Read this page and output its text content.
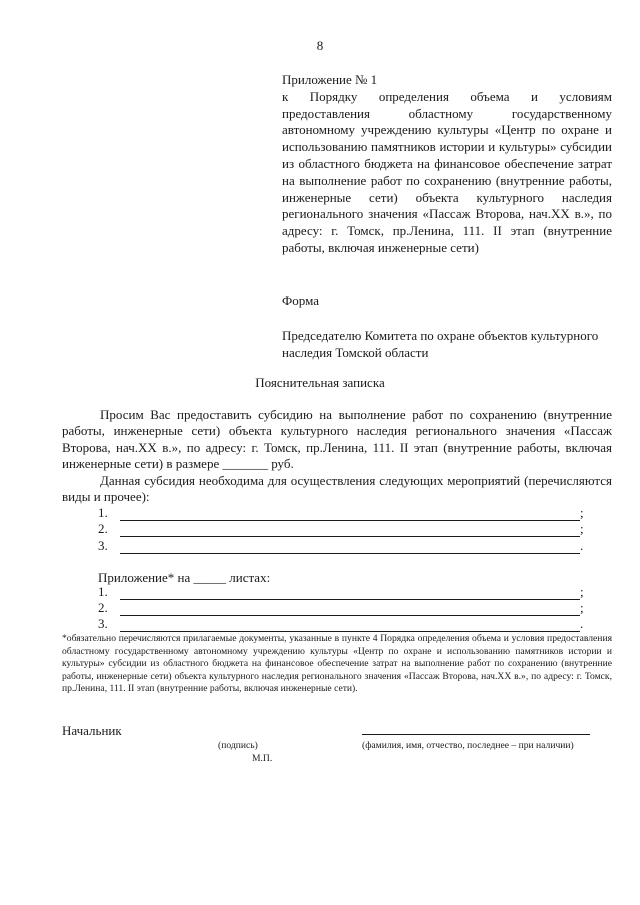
8
Приложение № 1
к Порядку определения объема и условиям предоставления областному государственному автономному учреждению культуры «Центр по охране и использованию памятников истории и культуры» субсидии из областного бюджета на финансовое обеспечение затрат на выполнение работ по сохранению (внутренние работы, инженерные сети) объекта культурного наследия регионального значения «Пассаж Второва, нач.XX в.», по адресу: г. Томск, пр.Ленина, 111. II этап (внутренние работы, включая инженерные сети)
Форма
Председателю Комитета по охране объектов культурного наследия Томской области
Пояснительная записка
Просим Вас предоставить субсидию на выполнение работ по сохранению (внутренние работы, инженерные сети) объекта культурного наследия регионального значения «Пассаж Второва, нач.XX в.», по адресу: г. Томск, пр.Ленина, 111. II этап (внутренние работы, включая инженерные сети) в размере _______ руб.
Данная субсидия необходима для осуществления следующих мероприятий (перечисляются виды и прочее):
1.	;
2.	;
3.	.
Приложение* на _____ листах:
1.	;
2.	;
3.	.
*обязательно перечисляются прилагаемые документы, указанные в пункте 4 Порядка определения объема и условия предоставления областному государственному автономному учреждению культуры «Центр по охране и использованию памятников истории и культуры» субсидии из областного бюджета на финансовое обеспечение затрат на выполнение работ по сохранению (внутренние работы, инженерные сети) объекта культурного наследия регионального значения «Пассаж Второва, нач.XX в.», по адресу: г. Томск, пр.Ленина, 111. II этап (внутренние работы, включая инженерные сети).
Начальник
(подпись)	(фамилия, имя, отчество, последнее – при наличии)
М.П.
